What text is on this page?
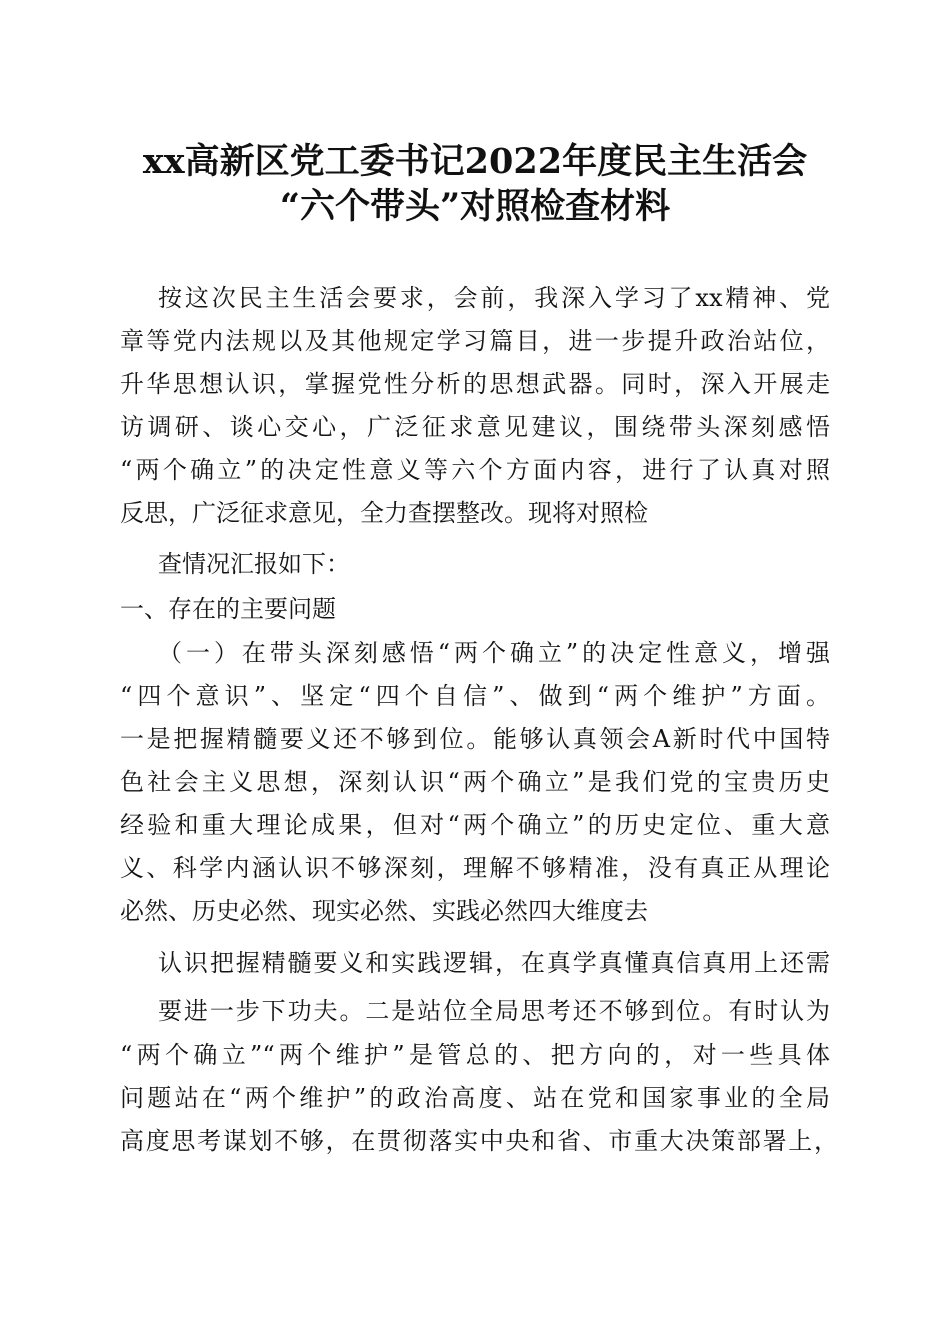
xx高新区党工委书记2022年度民主生活会
“六个带头”对照检查材料
按这次民主生活会要求，会前，我深入学习了xx精神、党
章等党内法规以及其他规定学习篇目，进一步提升政治站位，
升华思想认识，掌握党性分析的思想武器。同时，深入开展走
访调研、谈心交心，广泛征求意见建议，围绕带头深刻感悟
“两个确立”的决定性意义等六个方面内容，进行了认真对照
反思，广泛征求意见，全力查摆整改。现将对照检
查情况汇报如下：
一、存在的主要问题
（一）在带头深刻感悟“两个确立”的决定性意义，增强
“四个意识”、坚定“四个自信”、做到“两个维护”方面。
一是把握精髓要义还不够到位。能够认真领会A新时代中国特
色社会主义思想，深刻认识“两个确立”是我们党的宝贵历史
经验和重大理论成果，但对“两个确立”的历史定位、重大意
义、科学内涵认识不够深刻，理解不够精准，没有真正从理论
必然、历史必然、现实必然、实践必然四大维度去
认识把握精髓要义和实践逻辑，在真学真懂真信真用上还需
要进一步下功夫。二是站位全局思考还不够到位。有时认为
“两个确立”“两个维护”是管总的、把方向的，对一些具体
问题站在“两个维护”的政治高度、站在党和国家事业的全局
高度思考谋划不够，在贯彻落实中央和省、市重大决策部署上，
